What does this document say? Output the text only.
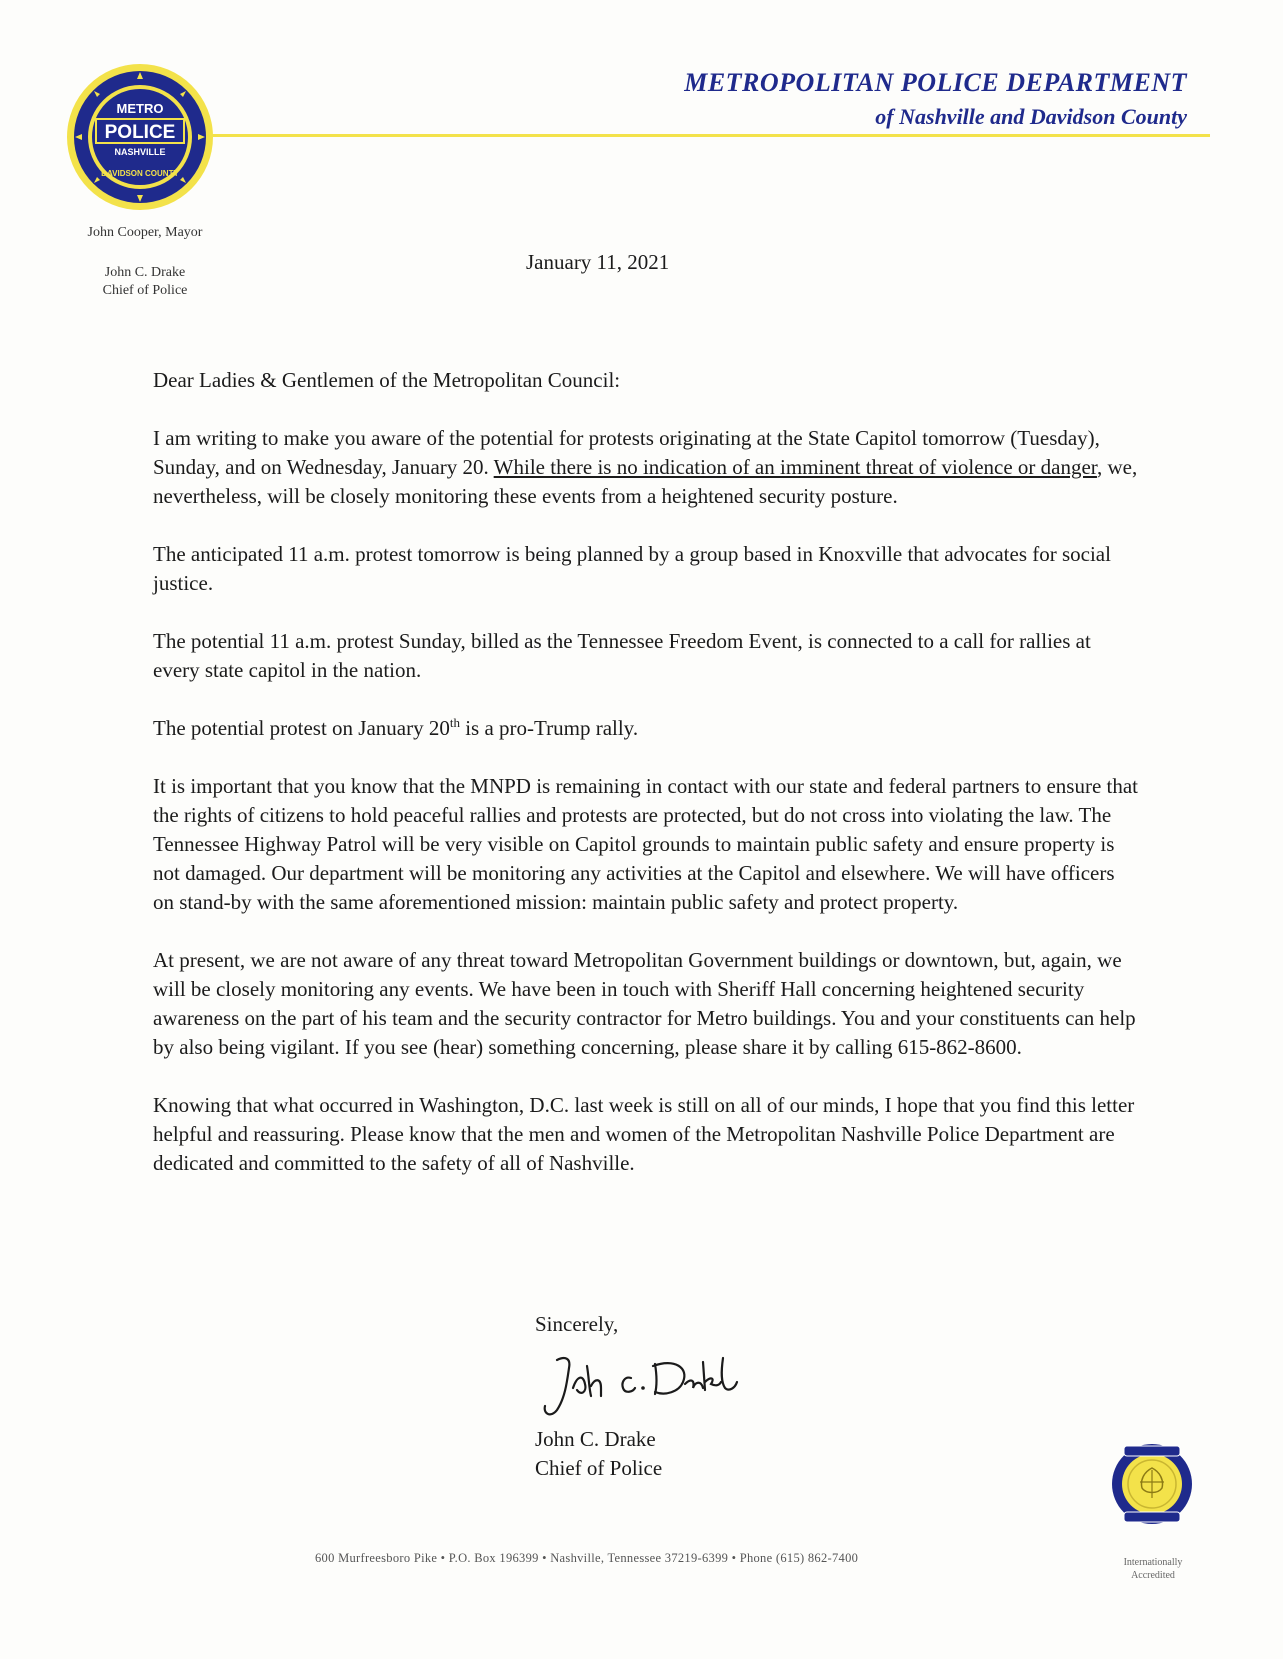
METRO
POLICE
NASHVILLE
DAVIDSON COUNTY
METROPOLITAN POLICE DEPARTMENT
of Nashville and Davidson County
John Cooper, Mayor
John C. Drake
Chief of Police
January 11, 2021

Dear Ladies & Gentlemen of the Metropolitan Council:

I am writing to make you aware of the potential for protests originating at the State Capitol tomorrow (Tuesday), Sunday, and on Wednesday, January 20. While there is no indication of an imminent threat of violence or danger, we, nevertheless, will be closely monitoring these events from a heightened security posture.

The anticipated 11 a.m. protest tomorrow is being planned by a group based in Knoxville that advocates for social justice.

The potential 11 a.m. protest Sunday, billed as the Tennessee Freedom Event, is connected to a call for rallies at every state capitol in the nation.

The potential protest on January 20th is a pro-Trump rally.

It is important that you know that the MNPD is remaining in contact with our state and federal partners to ensure that the rights of citizens to hold peaceful rallies and protests are protected, but do not cross into violating the law. The Tennessee Highway Patrol will be very visible on Capitol grounds to maintain public safety and ensure property is not damaged. Our department will be monitoring any activities at the Capitol and elsewhere. We will have officers on stand-by with the same aforementioned mission: maintain public safety and protect property.

At present, we are not aware of any threat toward Metropolitan Government buildings or downtown, but, again, we will be closely monitoring any events. We have been in touch with Sheriff Hall concerning heightened security awareness on the part of his team and the security contractor for Metro buildings. You and your constituents can help by also being vigilant. If you see (hear) something concerning, please share it by calling 615-862-8600.

Knowing that what occurred in Washington, D.C. last week is still on all of our minds, I hope that you find this letter helpful and reassuring. Please know that the men and women of the Metropolitan Nashville Police Department are dedicated and committed to the safety of all of Nashville.

Sincerely,
John C. Drake
Chief of Police
600 Murfreesboro Pike • P.O. Box 196399 • Nashville, Tennessee 37219-6399 • Phone (615) 862-7400	Internationally
Accredited
